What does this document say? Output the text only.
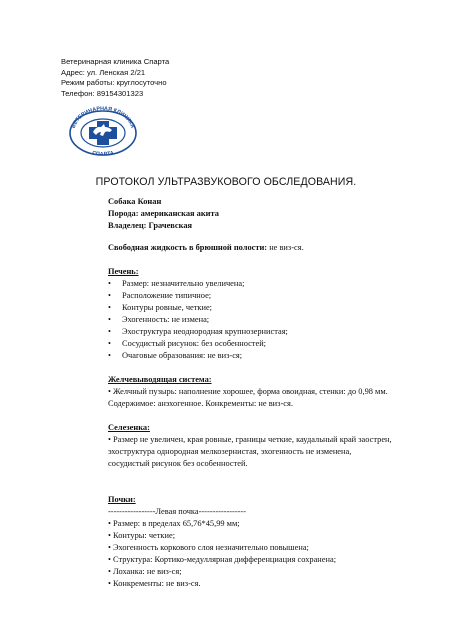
Ветеринарная клиника Спарта
Адрес: ул. Ленская 2/21
Режим работы: круглосуточно
Телефон: 89154301323
ВЕТЕРИНАРНАЯ КЛИНИКА
СПАРТА
ПРОТОКОЛ УЛЬТРАЗВУКОВОГО ОБСЛЕДОВАНИЯ.
Собака Конан
Порода: американская акита
Владелец: Грачевская
Свободная жидкость в брюшной полости: не виз-ся.
Печень:
• Размер: незначительно увеличена;
• Расположение типичное;
• Контуры ровные, четкие;
• Эхогенность: не измена;
• Эхоструктура неоднородная крупнозернистая;
• Сосудистый рисунок: без особенностей;
• Очаговые образования: не виз-ся;
Желчевыводящая система:
• Желчный пузырь: наполнение хорошее, форма овоидная, стенки: до 0,98 мм.
Содержимое: анэхогенное. Конкременты: не виз-ся.
Селезенка:
• Размер не увеличен, края ровные, границы четкие, каудальный край заострен,
эхоструктура однородная мелкозернистая, эхогенность не изменена,
сосудистый рисунок без особенностей.
Почки:
-----------------Левая почка-----------------
• Размер: в пределах 65,76*45,99 мм;
• Контуры: четкие;
• Эхогенность коркового слоя незначительно повышена;
• Структура: Кортико-медуллярная дифференциация сохранена;
• Лоханка: не виз-ся;
• Конкременты: не виз-ся.
